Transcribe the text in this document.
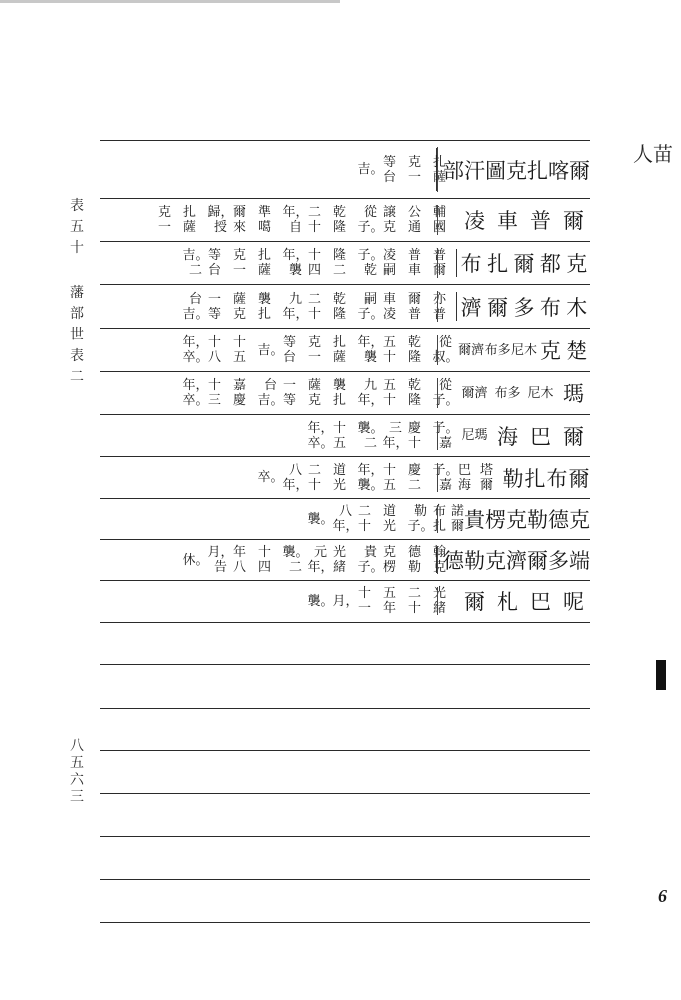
人苗
6
表
五
十
藩
部
世
表
二
八
五
六
三
爾
喀
扎
克
圖
汗
部
扎薩
克一
等台
吉。
爾
普
車
凌
輔國
公通
譲克
從
子。
乾隆
二十
年，
自
準噶
爾來
歸，
授
扎薩
克一
克
都
爾
扎
布
普爾
普車
凌嗣
子。
乾
隆二
十四
年，
襲
扎薩
克一
等台
吉。
二
木
布
多
爾
濟
亦普
爾普
車凌
嗣
子。
乾隆
二十
九
年，
襲扎
薩克
一等
台
吉。
楚
克
尼木
布多
爾濟
從
叔。
乾隆
五十
年，
襲
扎薩
克一
等台
吉。
十五
十八
年，
卒。
瑪
尼木
布多
爾濟
從
子。
乾隆
五十
九
年，
襲扎
薩克
一等
台
吉。
嘉慶
十三
年，
卒。
爾
巴
海
尼瑪
子。
嘉
慶十
三
年，
襲。
二
十五
年，
卒。
爾
布
扎
勒
塔爾
巴海
子。
嘉
慶二
十五
年，
襲。
道光
二十
八
年，
卒。
克
德
勒
克
楞
貴
諾爾
布扎
勒
子。
道光
二十
八
年，
襲。
端
多
爾
濟
克
勒
德
翰克
德勒
克楞
貴
子。
光緒
元
年，
襲。
二
十四
年八
月，
告
休。
呢
巴
札
爾
光緒
二十
五年
十一
月，
襲。
